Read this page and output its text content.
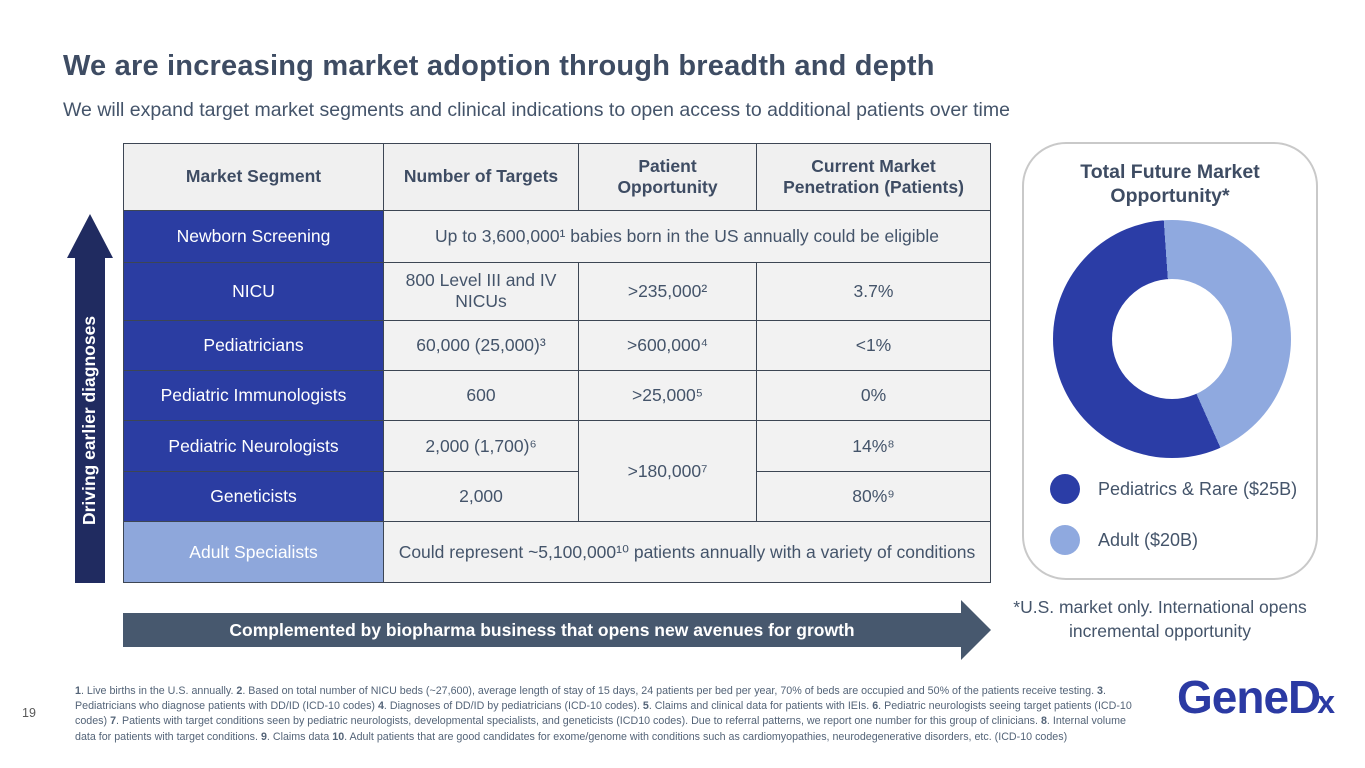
We are increasing market adoption through breadth and depth
We will expand target market segments and clinical indications to open access to additional patients over time
Driving earlier diagnoses
Market Segment	Number of Targets	Patient Opportunity	Current Market Penetration (Patients)
Newborn Screening	Up to 3,600,000¹ babies born in the US annually could be eligible		
NICU	800 Level III and IV NICUs	>235,000²	3.7%
Pediatricians	60,000 (25,000)³	>600,000⁴	<1%
Pediatric Immunologists	600	>25,000⁵	0%
Pediatric Neurologists	2,000 (1,700)⁶	>180,000⁷	14%⁸
Geneticists	2,000		80%⁹
Adult Specialists	Could represent ~5,100,000¹⁰ patients annually with a variety of conditions		
Complemented by biopharma business that opens new avenues for growth
Total Future Market Opportunity*
Pediatrics & Rare ($25B)
Adult ($20B)
*U.S. market only. International opens incremental opportunity
1. Live births in the U.S. annually. 2. Based on total number of NICU beds (~27,600), average length of stay of 15 days, 24 patients per bed per year, 70% of beds are occupied and 50% of the patients receive testing. 3. Pediatricians who diagnose patients with DD/ID (ICD-10 codes) 4. Diagnoses of DD/ID by pediatricians (ICD-10 codes). 5. Claims and clinical data for patients with IEIs. 6. Pediatric neurologists seeing target patients (ICD-10 codes) 7. Patients with target conditions seen by pediatric neurologists, developmental specialists, and geneticists (ICD10 codes). Due to referral patterns, we report one number for this group of clinicians. 8. Internal volume data for patients with target conditions. 9. Claims data 10. Adult patients that are good candidates for exome/genome with conditions such as cardiomyopathies, neurodegenerative disorders, etc. (ICD-10 codes)
19	GeneDx
